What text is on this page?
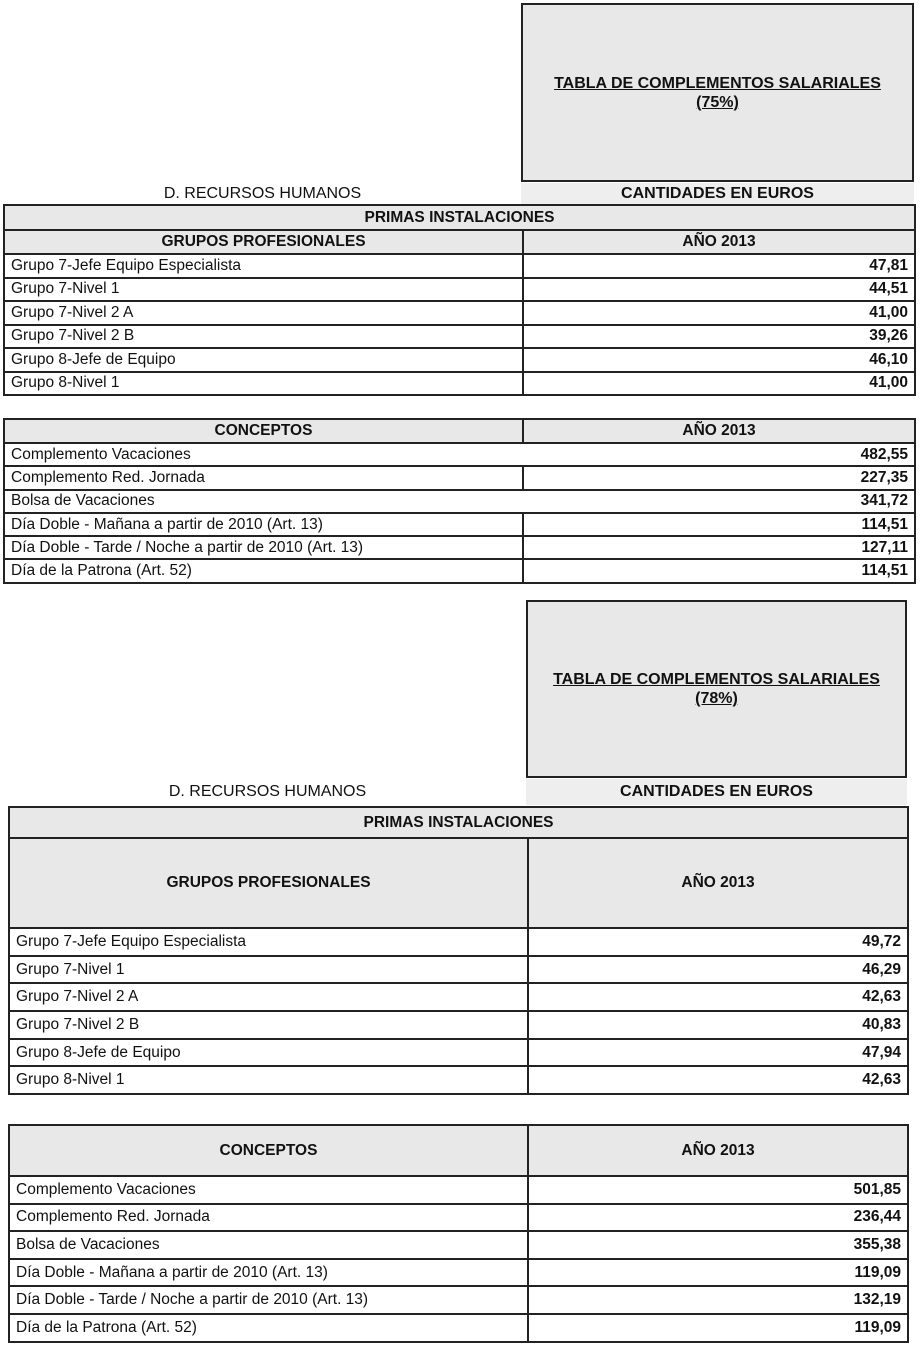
TABLA DE COMPLEMENTOS SALARIALES
(75%)
D. RECURSOS HUMANOS	CANTIDADES EN EUROS
PRIMAS INSTALACIONES	
GRUPOS PROFESIONALES	AÑO 2013
Grupo 7-Jefe Equipo Especialista	47,81
Grupo 7-Nivel 1	44,51
Grupo 7-Nivel 2 A	41,00
Grupo 7-Nivel 2 B	39,26
Grupo 8-Jefe de Equipo	46,10
Grupo 8-Nivel 1	41,00
CONCEPTOS	AÑO 2013
Complemento Vacaciones	482,55
Complemento Red. Jornada	227,35
Bolsa de Vacaciones	341,72
Día Doble - Mañana a partir de 2010 (Art. 13)	114,51
Día Doble - Tarde / Noche a partir de 2010 (Art. 13)	127,11
Día de la Patrona (Art. 52)	114,51
TABLA DE COMPLEMENTOS SALARIALES
(78%)
D. RECURSOS HUMANOS	CANTIDADES EN EUROS
PRIMAS INSTALACIONES	
GRUPOS PROFESIONALES	AÑO 2013
Grupo 7-Jefe Equipo Especialista	49,72
Grupo 7-Nivel 1	46,29
Grupo 7-Nivel 2 A	42,63
Grupo 7-Nivel 2 B	40,83
Grupo 8-Jefe de Equipo	47,94
Grupo 8-Nivel 1	42,63
CONCEPTOS	AÑO 2013
Complemento Vacaciones	501,85
Complemento Red. Jornada	236,44
Bolsa de Vacaciones	355,38
Día Doble - Mañana a partir de 2010 (Art. 13)	119,09
Día Doble - Tarde / Noche a partir de 2010 (Art. 13)	132,19
Día de la Patrona (Art. 52)	119,09
